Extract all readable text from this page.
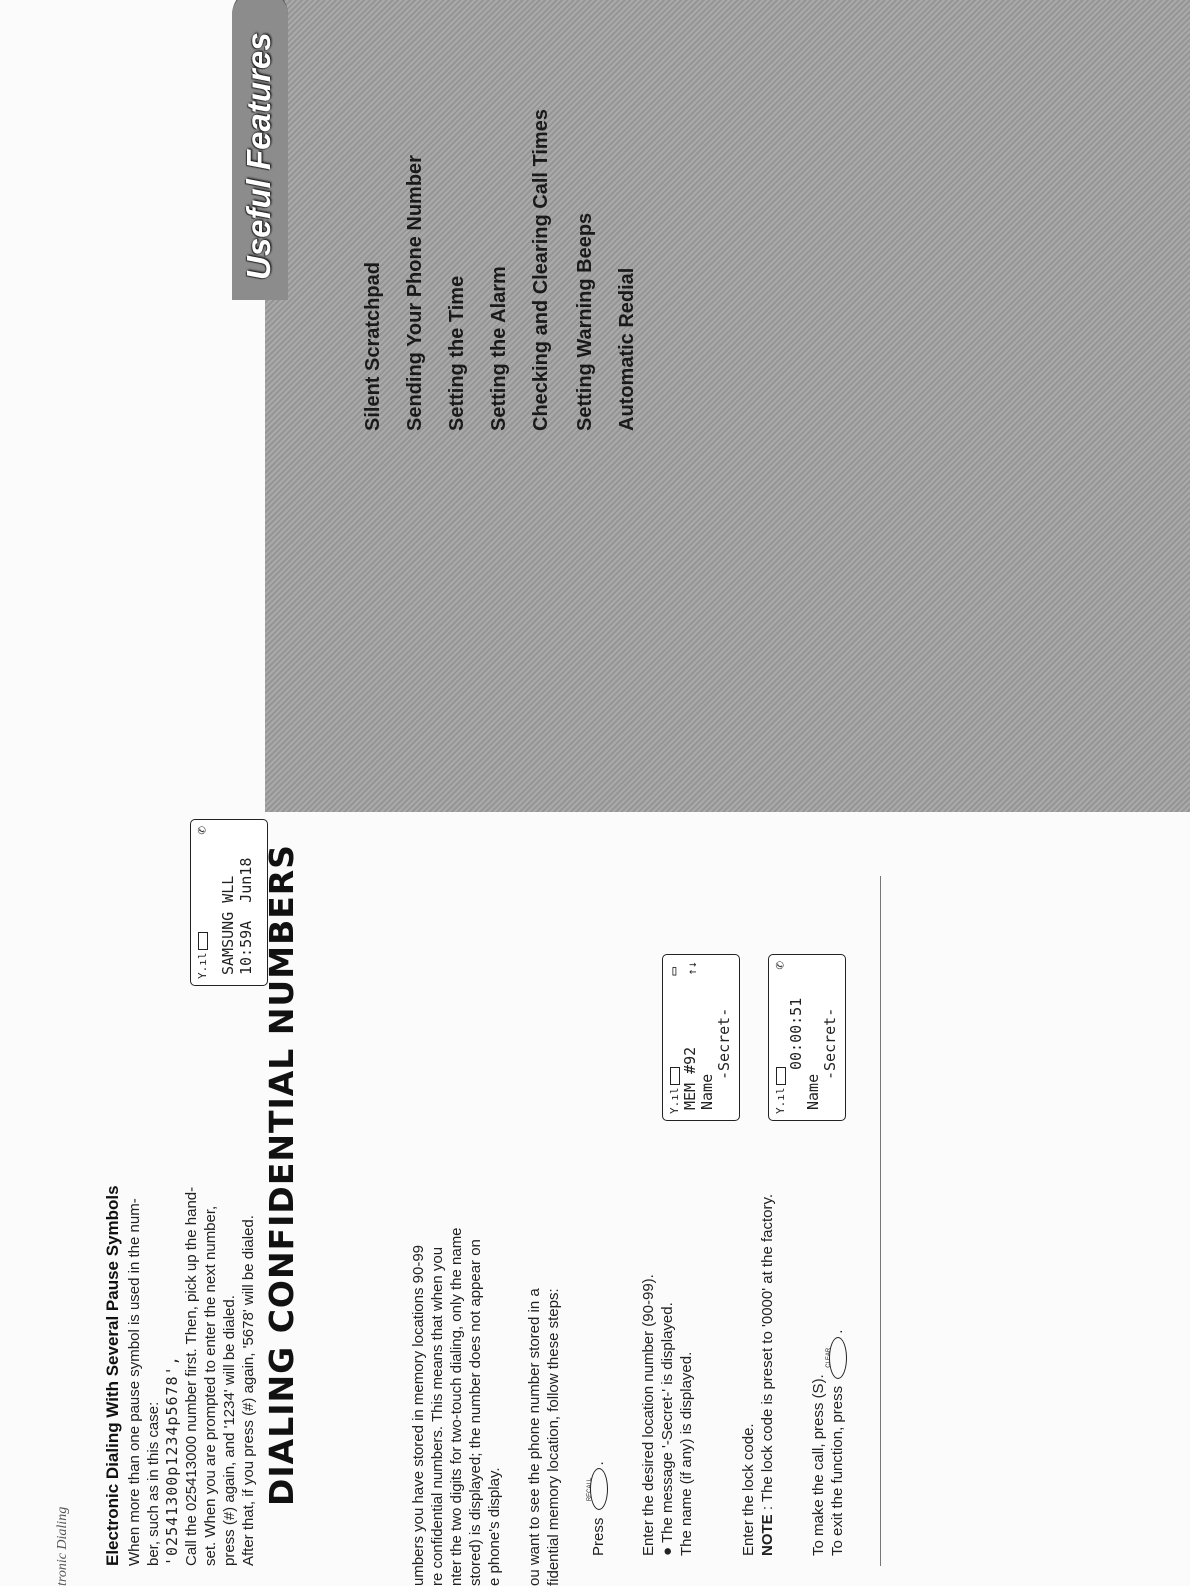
tronic Dialing Electronic Dialing With Several Pause Symbols When more than one pause symbol is used in the num- ber, such as in this case: '02541300p1234p5678', Call the 025413000 number first. Then, pick up the hand- set. When you are prompted to enter the next number, press (#) again, and '1234' will be dialed. After that, if you press (#) again, '5678' will be dialed.
Y.ıl
✆
SAMSUNG WLL 10:59A  Jun18 DIALING CONFIDENTIAL NUMBERS	umbers you have stored in memory locations 90-99 re confidential numbers. This means that when you nter the two digits for two-touch dialing, only the name stored) is displayed; the number does not appear on e phone's display. ou want to see the phone number stored in a fidential memory location, follow these steps: Press
RECALL
. Enter the desired location number (90-99). ● The message '-Secret-' is displayed. The name (if any) is displayed.
Y.ıl
▭ ↑↓
MEM #92 Name
-Secret-
Enter the lock code. NOTE : The lock code is preset to '0000' at the factory.
Y.ıl
✆
00:00:51
Name
-Secret-
To make the call, press (S). To exit the function, press
CLEAR
.
Useful Features
Silent Scratchpad Sending Your Phone Number Setting the Time Setting the Alarm Checking and Clearing Call Times Setting Warning Beeps Automatic Redial
